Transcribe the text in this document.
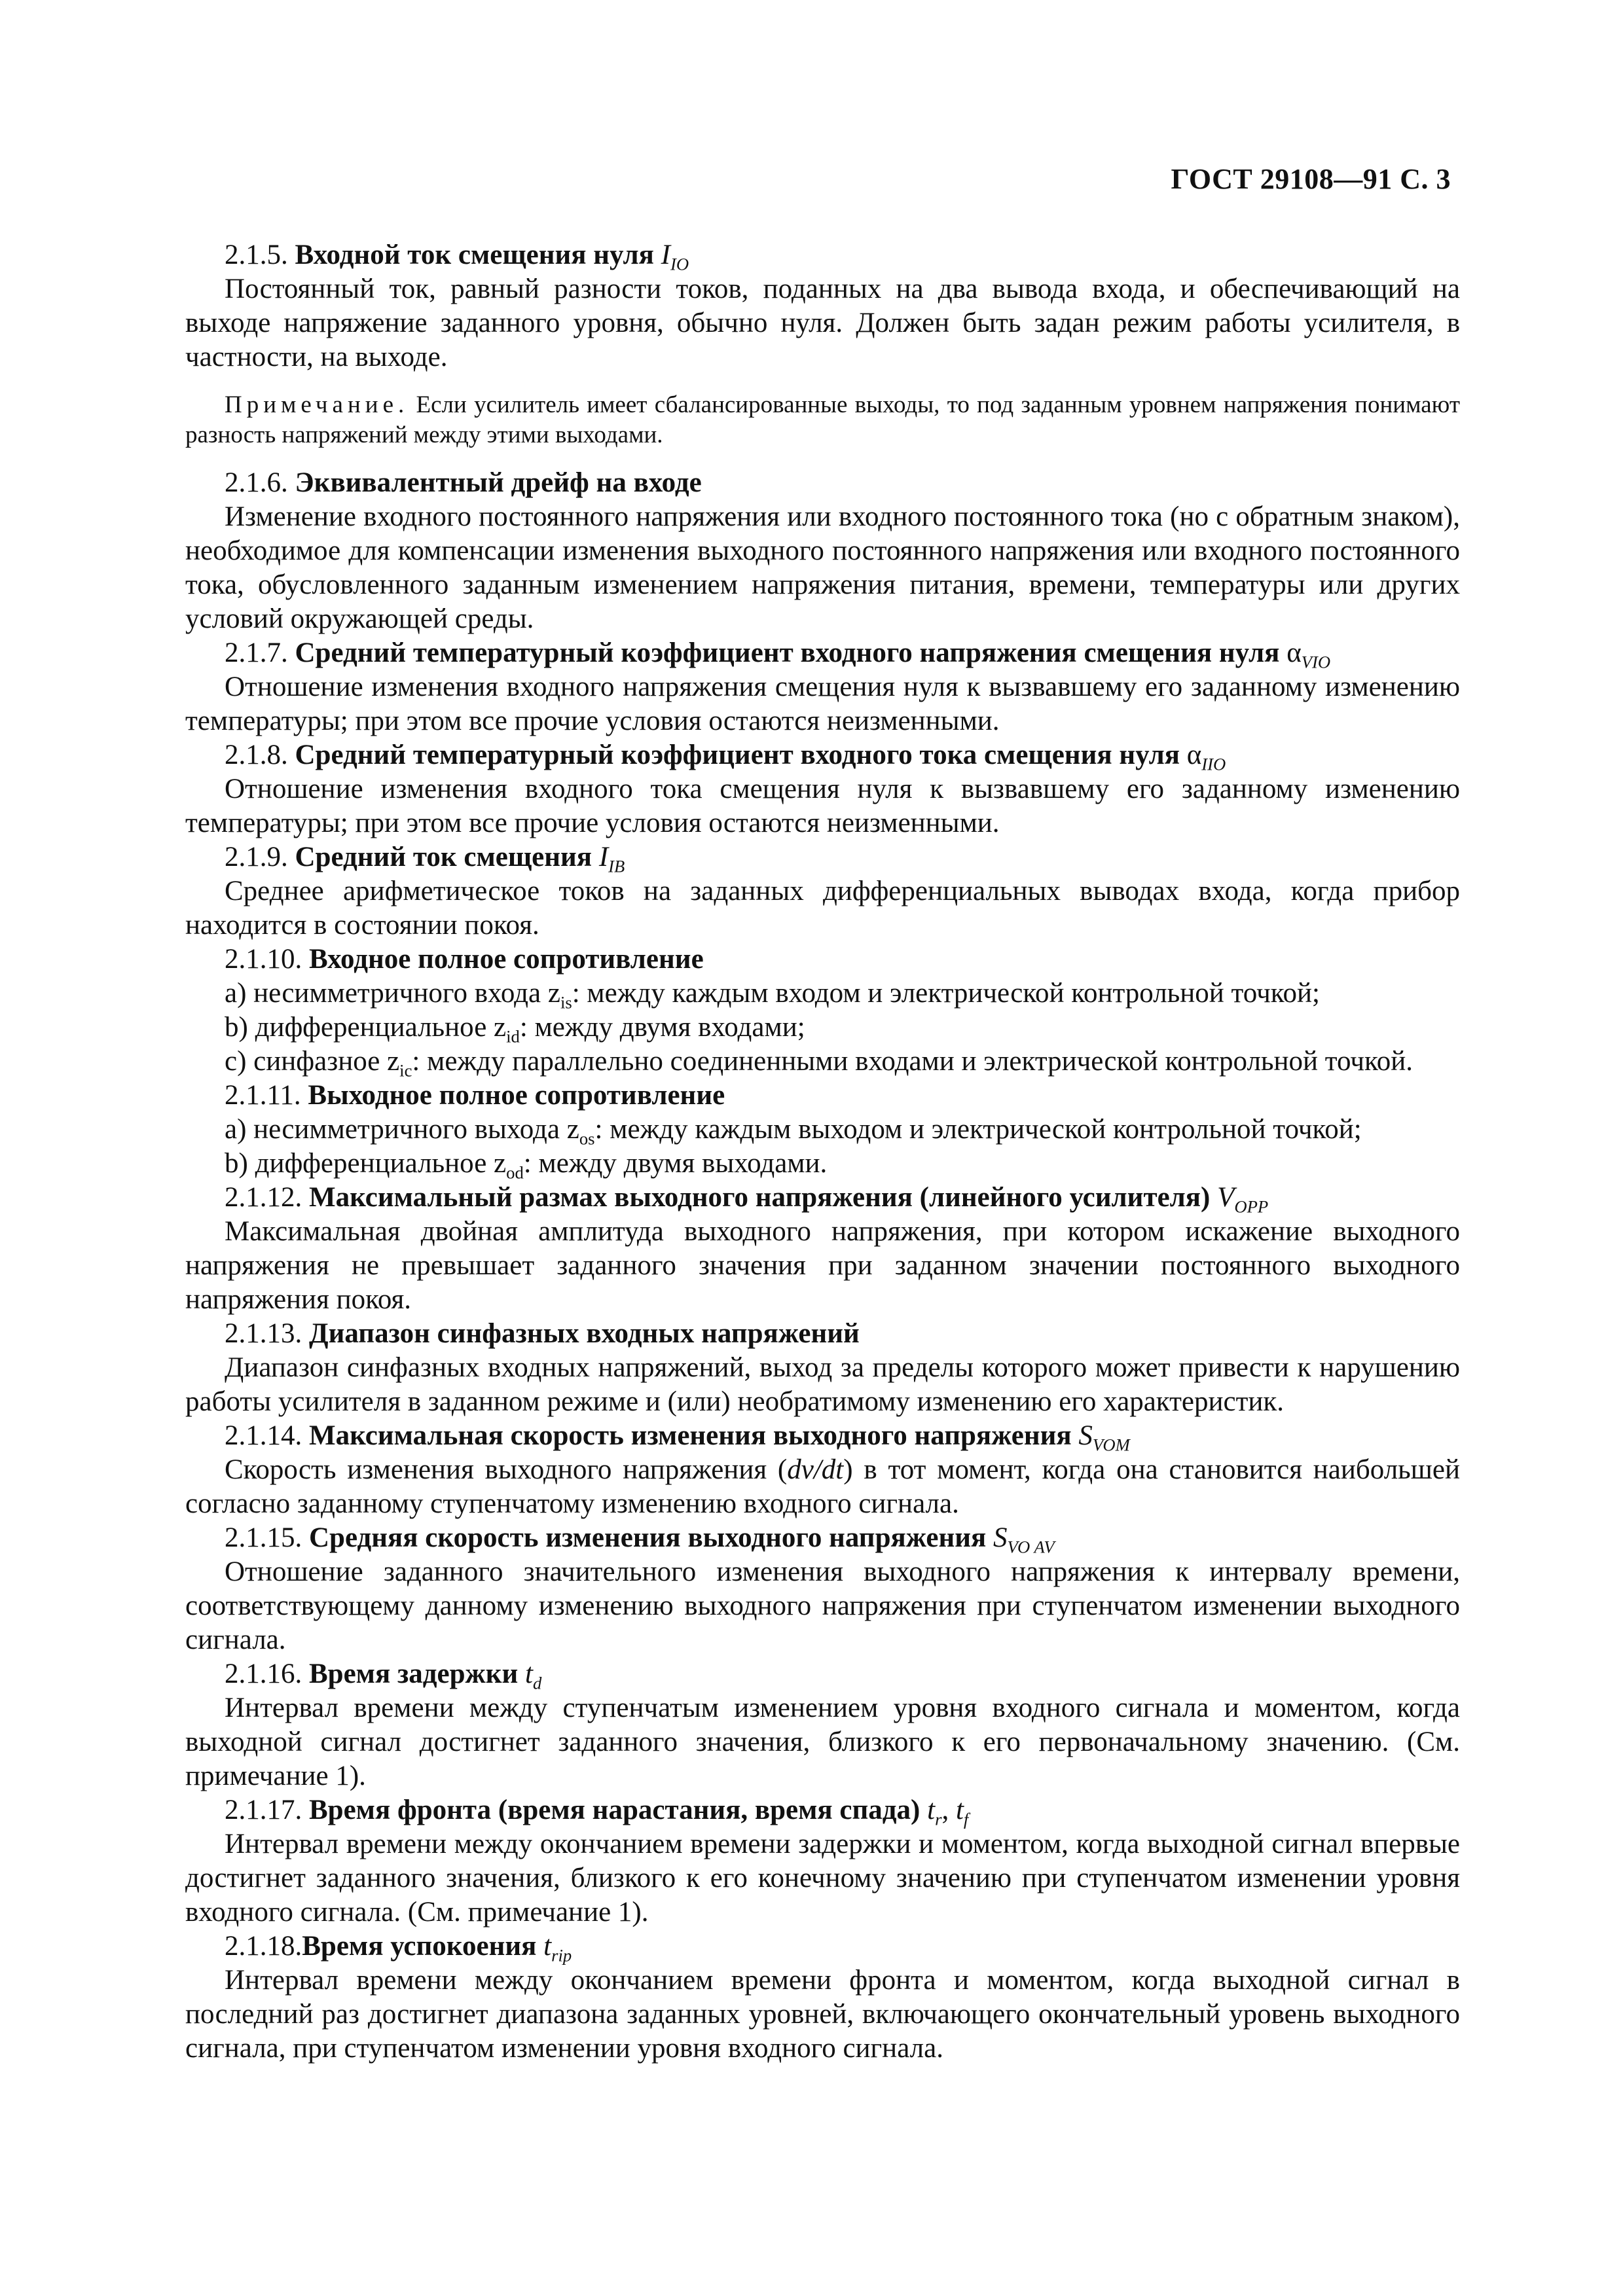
ГОСТ 29108—91 С. 3

2.1.5. Входной ток смещения нуля $I_{IO}$

Постоянный ток, равный разности токов, поданных на два вывода входа, и обеспечивающий на выходе напряжение заданного уровня, обычно нуля. Должен быть задан режим работы усилителя, в частности, на выходе.

Примечание. Если усилитель имеет сбалансированные выходы, то под заданным уровнем напряжения понимают разность напряжений между этими выходами.

2.1.6. Эквивалентный дрейф на входе

Изменение входного постоянного напряжения или входного постоянного тока (но с обратным знаком), необходимое для компенсации изменения выходного постоянного напряжения или входного постоянного тока, обусловленного заданным изменением напряжения питания, времени, температуры или других условий окружающей среды.

2.1.7. Средний температурный коэффициент входного напряжения смещения нуля $\alpha_{VIO}$

Отношение изменения входного напряжения смещения нуля к вызвавшему его заданному изменению температуры; при этом все прочие условия остаются неизменными.

2.1.8. Средний температурный коэффициент входного тока смещения нуля $\alpha_{IIO}$

Отношение изменения входного тока смещения нуля к вызвавшему его заданному изменению температуры; при этом все прочие условия остаются неизменными.

2.1.9. Средний ток смещения $I_{IB}$

Среднее арифметическое токов на заданных дифференциальных выводах входа, когда прибор находится в состоянии покоя.

2.1.10. Входное полное сопротивление

а) несимметричного входа $z_{is}$: между каждым входом и электрической контрольной точкой;

b) дифференциальное $z_{id}$: между двумя входами;

с) синфазное $z_{ic}$: между параллельно соединенными входами и электрической контрольной точкой.

2.1.11. Выходное полное сопротивление

а) несимметричного выхода $z_{os}$: между каждым выходом и электрической контрольной точкой;

b) дифференциальное $z_{od}$: между двумя выходами.

2.1.12. Максимальный размах выходного напряжения (линейного усилителя) $V_{OPP}$

Максимальная двойная амплитуда выходного напряжения, при котором искажение выходного напряжения не превышает заданного значения при заданном значении постоянного выходного напряжения покоя.

2.1.13. Диапазон синфазных входных напряжений

Диапазон синфазных входных напряжений, выход за пределы которого может привести к нарушению работы усилителя в заданном режиме и (или) необратимому изменению его характеристик.

2.1.14. Максимальная скорость изменения выходного напряжения $S_{VOM}$

Скорость изменения выходного напряжения (dv/dt) в тот момент, когда она становится наибольшей согласно заданному ступенчатому изменению входного сигнала.

2.1.15. Средняя скорость изменения выходного напряжения $S_{VO AV}$

Отношение заданного значительного изменения выходного напряжения к интервалу времени, соответствующему данному изменению выходного напряжения при ступенчатом изменении выходного сигнала.

2.1.16. Время задержки $t_d$

Интервал времени между ступенчатым изменением уровня входного сигнала и моментом, когда выходной сигнал достигнет заданного значения, близкого к его первоначальному значению. (См. примечание 1).

2.1.17. Время фронта (время нарастания, время спада) $t_r$, $t_f$

Интервал времени между окончанием времени задержки и моментом, когда выходной сигнал впервые достигнет заданного значения, близкого к его конечному значению при ступенчатом изменении уровня входного сигнала. (См. примечание 1).

2.1.18.Время успокоения $t_{rip}$

Интервал времени между окончанием времени фронта и моментом, когда выходной сигнал в последний раз достигнет диапазона заданных уровней, включающего окончательный уровень выходного сигнала, при ступенчатом изменении уровня входного сигнала.
